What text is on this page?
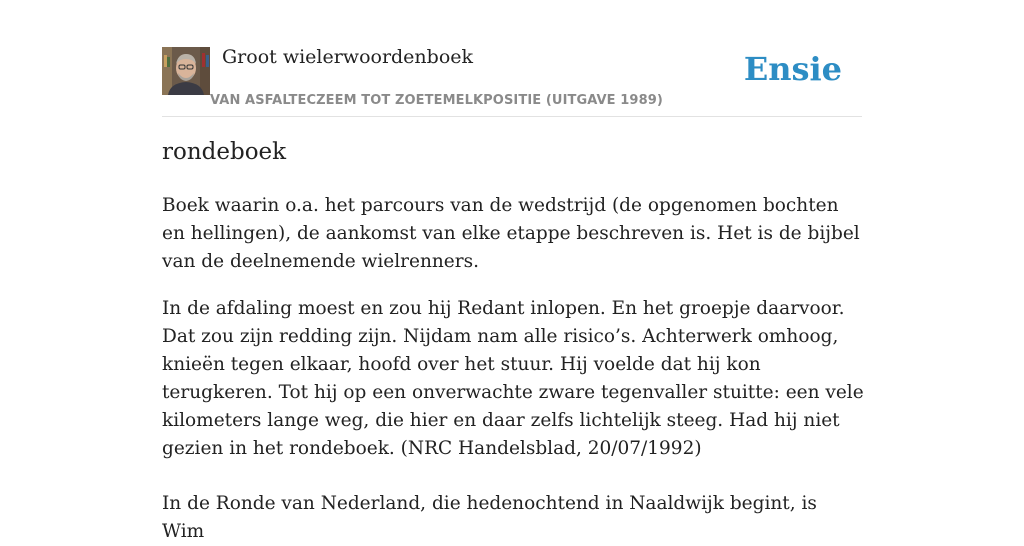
Groot wielerwoordenboek
VAN ASFALTECZEEM TOT ZOETEMELKPOSITIE (UITGAVE 1989)
Ensie
rondeboek

Boek waarin o.a. het parcours van de wedstrijd (de opgenomen bochten en hellingen), de aankomst van elke etappe beschreven is. Het is de bijbel van de deelnemende wielrenners.

In de afdaling moest en zou hij Redant inlopen. En het groepje daarvoor. Dat zou zijn redding zijn. Nijdam nam alle risico’s. Achterwerk omhoog, knieën tegen elkaar, hoofd over het stuur. Hij voelde dat hij kon terugkeren. Tot hij op een onverwachte zware tegenvaller stuitte: een vele kilometers lange weg, die hier en daar zelfs lichtelijk steeg. Had hij niet gezien in het rondeboek. (NRC Handelsblad, 20/07/1992)

In de Ronde van Nederland, die hedenochtend in Naaldwijk begint, is Wim
